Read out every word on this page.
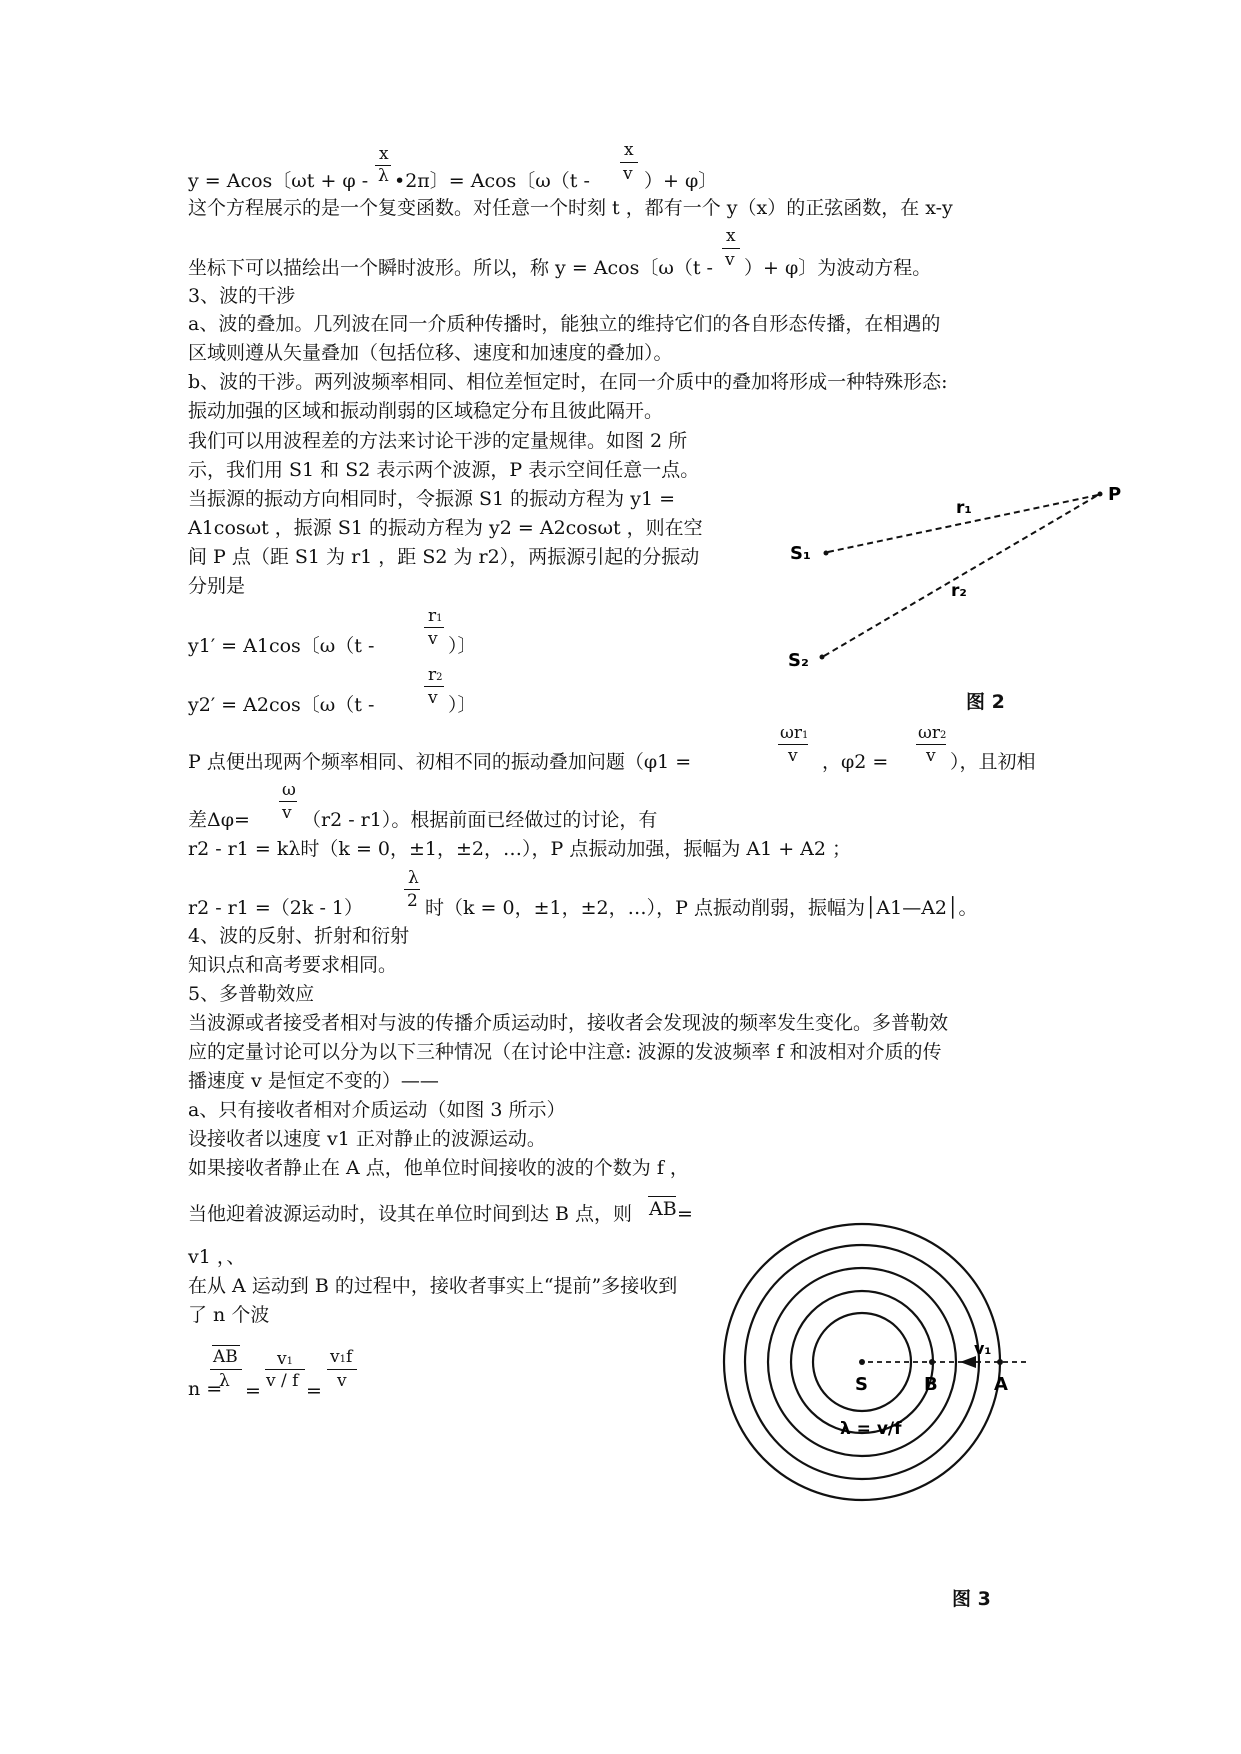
y = Acos〔ωt + φ -
x
λ •2π〕= Acos〔ω（t -
x
v ）+ φ〕
这个方程展示的是一个复变函数。对任意一个时刻 t ，都有一个 y（x）的正弦函数，在 x-y
坐标下可以描绘出一个瞬时波形。所以，称 y = Acos〔ω（t -
x
v ）+ φ〕为波动方程。
3、波的干涉
a、波的叠加。几列波在同一介质种传播时，能独立的维持它们的各自形态传播，在相遇的
区域则遵从矢量叠加（包括位移、速度和加速度的叠加）。
b、波的干涉。两列波频率相同、相位差恒定时，在同一介质中的叠加将形成一种特殊形态:
振动加强的区域和振动削弱的区域稳定分布且彼此隔开。
我们可以用波程差的方法来讨论干涉的定量规律。如图 2 所
示，我们用 S1 和 S2 表示两个波源，P 表示空间任意一点。
当振源的振动方向相同时，令振源 S1 的振动方程为 y1 =
A1cosωt ，振源 S1 的振动方程为 y2 = A2cosωt ，则在空
间 P 点（距 S1 为 r1 ，距 S2 为 r2），两振源引起的分振动
分别是
P
r₁
r₂
S₁
S₂
图 2
y1′ = A1cos〔ω（t -
r1
v ）〕
y2′ = A2cos〔ω（t -
r2
v ）〕
P 点便出现两个频率相同、初相不同的振动叠加问题（φ1 =
ωr1
v ，φ2 =
ωr2
v ），且初相
差Δφ=
ω
v （r2 - r1）。根据前面已经做过的讨论，有
r2 - r1 = kλ时（k = 0，±1，±2，…），P 点振动加强，振幅为 A1 + A2 ；
r2 - r1 =（2k - 1）
λ
2 时（k = 0，±1，±2，…），P 点振动削弱，振幅为│A1—A2│。
4、波的反射、折射和衍射
知识点和高考要求相同。
5、多普勒效应
当波源或者接受者相对与波的传播介质运动时，接收者会发现波的频率发生变化。多普勒效
应的定量讨论可以分为以下三种情况（在讨论中注意: 波源的发波频率 f 和波相对介质的传
播速度 v 是恒定不变的）——
a、只有接收者相对介质运动（如图 3 所示）
设接收者以速度 v1 正对静止的波源运动。
如果接收者静止在 A 点，他单位时间接收的波的个数为 f ，
当他迎着波源运动时，设其在单位时间到达 B 点，则 AB =
v1 ，、
在从 A 运动到 B 的过程中，接收者事实上“提前”多接收到
了 n 个波
n =
AB
λ =
v1
v / f =
v1f
v	S	B	A
v₁
λ = v/f
图 3
